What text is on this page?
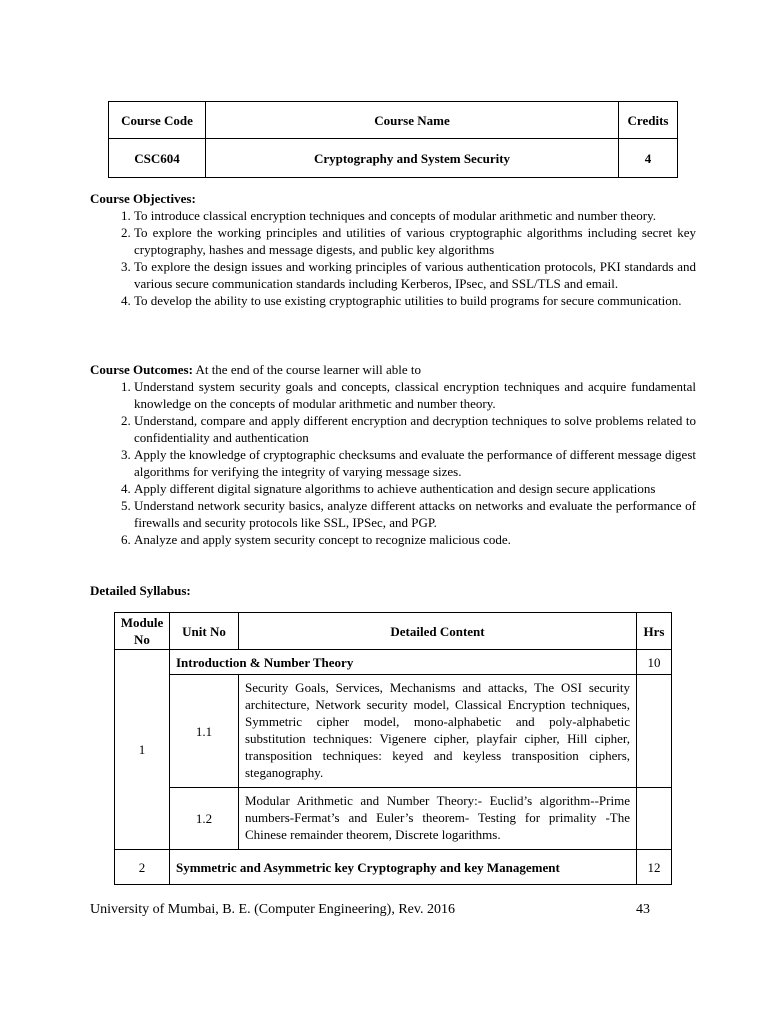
Course Code	Course Name	Credits
CSC604	Cryptography and System Security	4
Course Objectives:
1. To introduce classical encryption techniques and concepts of modular arithmetic and number theory.
2. To explore the working principles and utilities of various cryptographic algorithms including secret key cryptography, hashes and message digests, and public key algorithms
3. To explore the design issues and working principles of various authentication protocols, PKI standards and various secure communication standards including Kerberos, IPsec, and SSL/TLS and email.
4. To develop the ability to use existing cryptographic utilities to build programs for secure communication.
Course Outcomes: At the end of the course learner will able to
1. Understand system security goals and concepts, classical encryption techniques and acquire fundamental knowledge on the concepts of modular arithmetic and number theory.
2. Understand, compare and apply different encryption and decryption techniques to solve problems related to confidentiality and authentication
3. Apply the knowledge of cryptographic checksums and evaluate the performance of different message digest algorithms for verifying the integrity of varying message sizes.
4. Apply different digital signature algorithms to achieve authentication and design secure applications
5. Understand network security basics, analyze different attacks on networks and evaluate the performance of firewalls and security protocols like SSL, IPSec, and PGP.
6. Analyze and apply system security concept to recognize malicious code.
Detailed Syllabus:
Module No	Unit No	Detailed Content	Hrs
1	Introduction & Number Theory		10
	1.1	Security Goals, Services, Mechanisms and attacks, The OSI security architecture, Network security model, Classical Encryption techniques, Symmetric cipher model, mono-alphabetic and poly-alphabetic substitution techniques: Vigenere cipher, playfair cipher, Hill cipher, transposition techniques: keyed and keyless transposition ciphers, steganography.	
	1.2	Modular Arithmetic and Number Theory:- Euclid’s algorithm--Prime numbers-Fermat’s and Euler’s theorem- Testing for primality -The Chinese remainder theorem, Discrete logarithms.	
2	Symmetric and Asymmetric key Cryptography and key Management		12
University of Mumbai, B. E. (Computer Engineering), Rev. 2016	43
